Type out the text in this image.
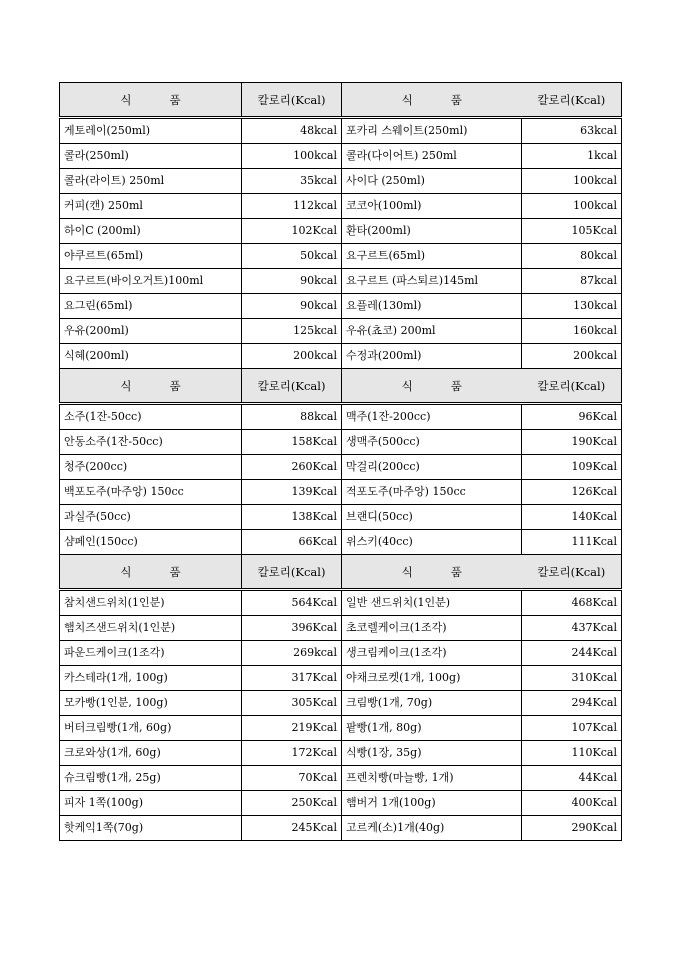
식 품	칼로리(Kcal)	식 품	칼로리(Kcal)
게토레이(250ml)	48kcal	포카리 스웨이트(250ml)	63kcal
콜라(250ml)	100kcal	콜라(다이어트) 250ml	1kcal
콜라(라이트) 250ml	35kcal	사이다 (250ml)	100kcal
커피(캔) 250ml	112kcal	코코아(100ml)	100kcal
하이C (200ml)	102Kcal	환타(200ml)	105Kcal
야쿠르트(65ml)	50kcal	요구르트(65ml)	80kcal
요구르트(바이오거트)100ml	90kcal	요구르트 (파스퇴르)145ml	87kcal
요그린(65ml)	90kcal	요플레(130ml)	130kcal
우유(200ml)	125kcal	우유(쵸코) 200ml	160kcal
식혜(200ml)	200kcal	수정과(200ml)	200kcal
식 품	칼로리(Kcal)	식 품	칼로리(Kcal)
소주(1잔-50cc)	88kcal	맥주(1잔-200cc)	96Kcal
안동소주(1잔-50cc)	158Kcal	생맥주(500cc)	190Kcal
청주(200cc)	260Kcal	막걸리(200cc)	109Kcal
백포도주(마주앙) 150cc	139Kcal	적포도주(마주앙) 150cc	126Kcal
과실주(50cc)	138Kcal	브랜디(50cc)	140Kcal
샴페인(150cc)	66Kcal	위스키(40cc)	111Kcal
식 품	칼로리(Kcal)	식 품	칼로리(Kcal)
참치샌드위치(1인분)	564Kcal	일반 샌드위치(1인분)	468Kcal
햄치즈샌드위치(1인분)	396Kcal	초코렐케이크(1조각)	437Kcal
파운드케이크(1조각)	269kcal	생크림케이크(1조각)	244Kcal
카스테라(1개, 100g)	317Kcal	야채크로켓(1개, 100g)	310Kcal
모카빵(1인분, 100g)	305Kcal	크림빵(1개, 70g)	294Kcal
버터크림빵(1개, 60g)	219Kcal	팥빵(1개, 80g)	107Kcal
크로와상(1개, 60g)	172Kcal	식빵(1장, 35g)	110Kcal
슈크림빵(1개, 25g)	70Kcal	프렌치빵(마늘빵, 1개)	44Kcal
피자 1쪽(100g)	250Kcal	햄버거 1개(100g)	400Kcal
핫케익1쪽(70g)	245Kcal	고르케(소)1개(40g)	290Kcal
